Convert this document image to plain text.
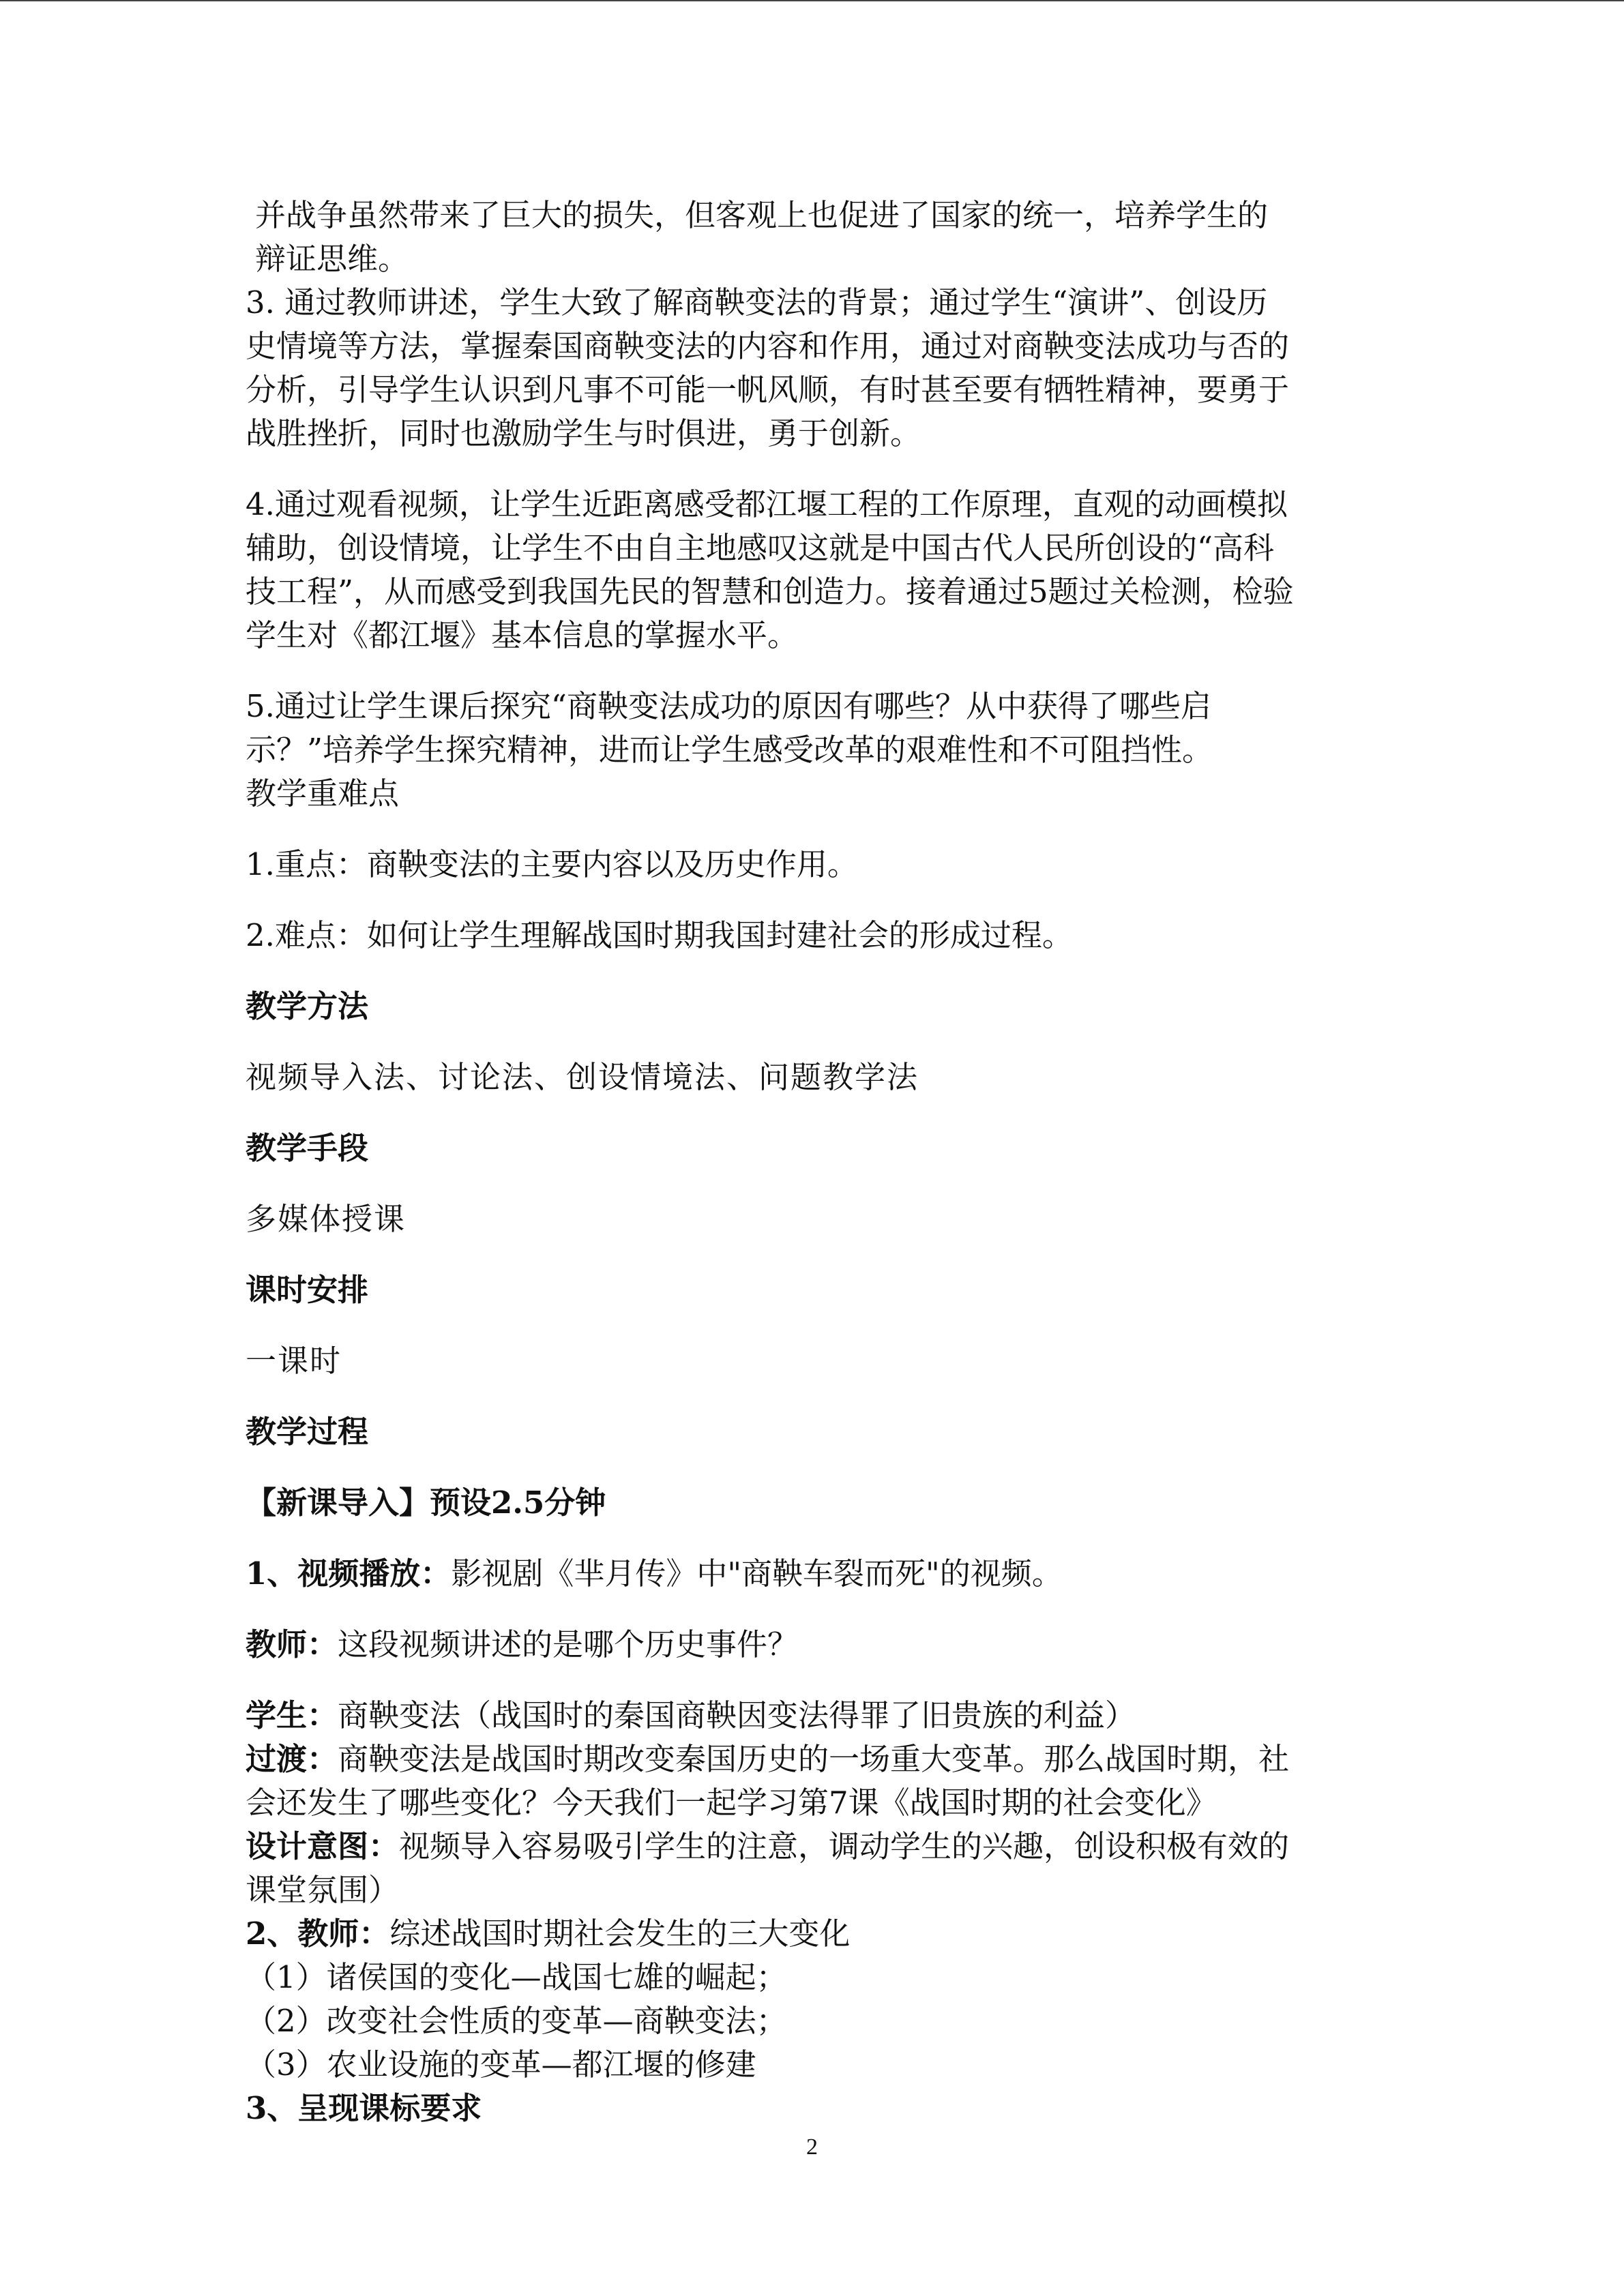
并战争虽然带来了巨大的损失，但客观上也促进了国家的统一，培养学生的
辩证思维。

3. 通过教师讲述，学生大致了解商鞅变法的背景；通过学生“演讲”、创设历
史情境等方法，掌握秦国商鞅变法的内容和作用，通过对商鞅变法成功与否的
分析，引导学生认识到凡事不可能一帆风顺，有时甚至要有牺牲精神，要勇于
战胜挫折，同时也激励学生与时俱进，勇于创新。

4.通过观看视频，让学生近距离感受都江堰工程的工作原理，直观的动画模拟
辅助，创设情境，让学生不由自主地感叹这就是中国古代人民所创设的“高科
技工程”，从而感受到我国先民的智慧和创造力。接着通过5题过关检测，检验
学生对《都江堰》基本信息的掌握水平。

5.通过让学生课后探究“商鞅变法成功的原因有哪些？从中获得了哪些启
示？”培养学生探究精神，进而让学生感受改革的艰难性和不可阻挡性。

教学重难点

1.重点：商鞅变法的主要内容以及历史作用。

2.难点：如何让学生理解战国时期我国封建社会的形成过程。

教学方法

视频导入法、讨论法、创设情境法、问题教学法

教学手段

多媒体授课

课时安排

一课时

教学过程

【新课导入】预设2.5分钟

1、视频播放：影视剧《芈月传》中"商鞅车裂而死"的视频。

教师：这段视频讲述的是哪个历史事件？

学生：商鞅变法（战国时的秦国商鞅因变法得罪了旧贵族的利益）

过渡：商鞅变法是战国时期改变秦国历史的一场重大变革。那么战国时期，社
会还发生了哪些变化？今天我们一起学习第7课《战国时期的社会变化》

设计意图：视频导入容易吸引学生的注意，调动学生的兴趣，创设积极有效的
课堂氛围）

2、教师：综述战国时期社会发生的三大变化

（1）诸侯国的变化—战国七雄的崛起；

（2）改变社会性质的变革—商鞅变法；

（3）农业设施的变革—都江堰的修建

3、呈现课标要求

2
